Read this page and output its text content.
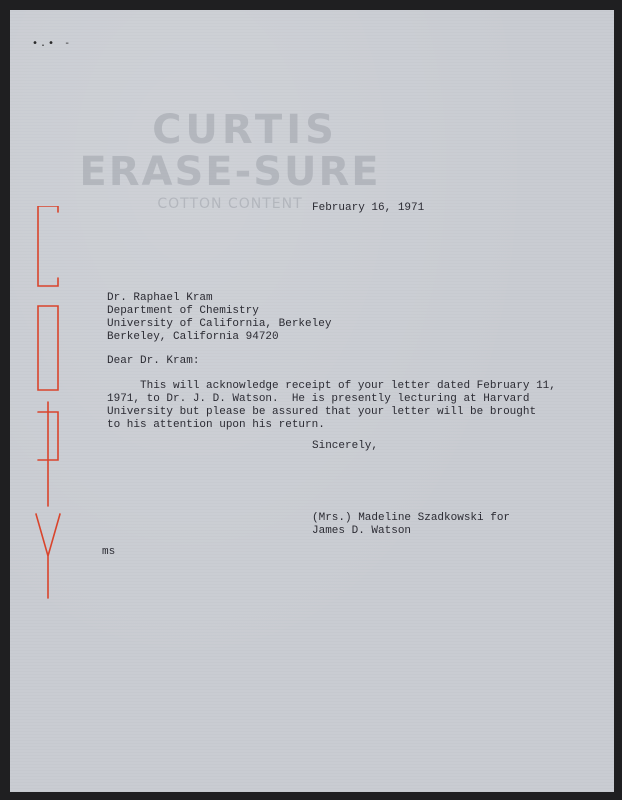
•.• -
CURTIS
ERASE-SURE
COTTON CONTENT February 16, 1971
Dr. Raphael Kram
Department of Chemistry
University of California, Berkeley
Berkeley, California 94720
Dear Dr. Kram:
This will acknowledge receipt of your letter dated February 11,
1971, to Dr. J. D. Watson.  He is presently lecturing at Harvard
University but please be assured that your letter will be brought
to his attention upon his return.
Sincerely,
(Mrs.) Madeline Szadkowski for
James D. Watson
ms
